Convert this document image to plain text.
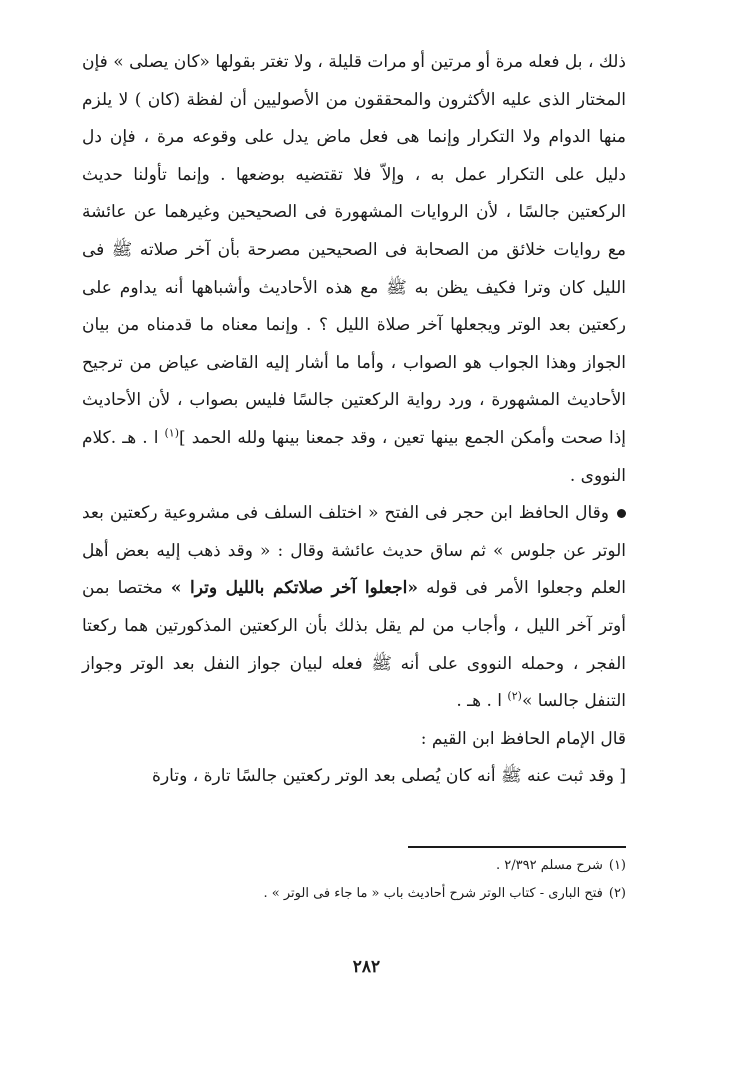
ذلك ، بل فعله مرة أو مرتين أو مرات قليلة ، ولا تغتر بقولها «كان يصلى » فإن المختار الذى عليه الأكثرون والمحققون من الأصوليين أن لفظة (كان ) لا يلزم منها الدوام ولا التكرار وإنما هى فعل ماض يدل على وقوعه مرة ، فإن دل دليل على التكرار عمل به ، وإلاّ فلا تقتضيه بوضعها . وإنما تأولنا حديث الركعتين جالسًا ، لأن الروايات المشهورة فى الصحيحين وغيرهما عن عائشة مع روايات خلائق من الصحابة فى الصحيحين مصرحة بأن آخر صلاته ﷺ فى الليل كان وترا فكيف يظن به ﷺ مع هذه الأحاديث وأشباهها أنه يداوم على ركعتين بعد الوتر ويجعلها آخر صلاة الليل ؟ . وإنما معناه ما قدمناه من بيان الجواز وهذا الجواب هو الصواب ، وأما ما أشار إليه القاضى عياض من ترجيح الأحاديث المشهورة ، ورد رواية الركعتين جالسًا فليس بصواب ، لأن الأحاديث إذا صحت وأمكن الجمع بينها تعين ، وقد جمعنا بينها ولله الحمد ]$^{(١)}$ ا . هـ .كلام النووى .

وقال الحافظ ابن حجر فى الفتح « اختلف السلف فى مشروعية ركعتين بعد الوتر عن جلوس » ثم ساق حديث عائشة وقال : « وقد ذهب إليه بعض أهل العلم وجعلوا الأمر فى قوله «اجعلوا آخر صلاتكم بالليل وترا » مختصا بمن أوتر آخر الليل ، وأجاب من لم يقل بذلك بأن الركعتين المذكورتين هما ركعتا الفجر ، وحمله النووى على أنه ﷺ فعله لبيان جواز النفل بعد الوتر وجواز التنفل جالسا »$^{(٢)}$ ا . هـ .

قال الإمام الحافظ ابن القيم :

[ وقد ثبت عنه ﷺ أنه كان يُصلى بعد الوتر ركعتين جالسًا تارة ، وتارة

(١)شرح مسلم ٢/٣٩٢ .

(٢)فتح البارى - كتاب الوتر شرح أحاديث باب « ما جاء فى الوتر » .

٢٨٢
